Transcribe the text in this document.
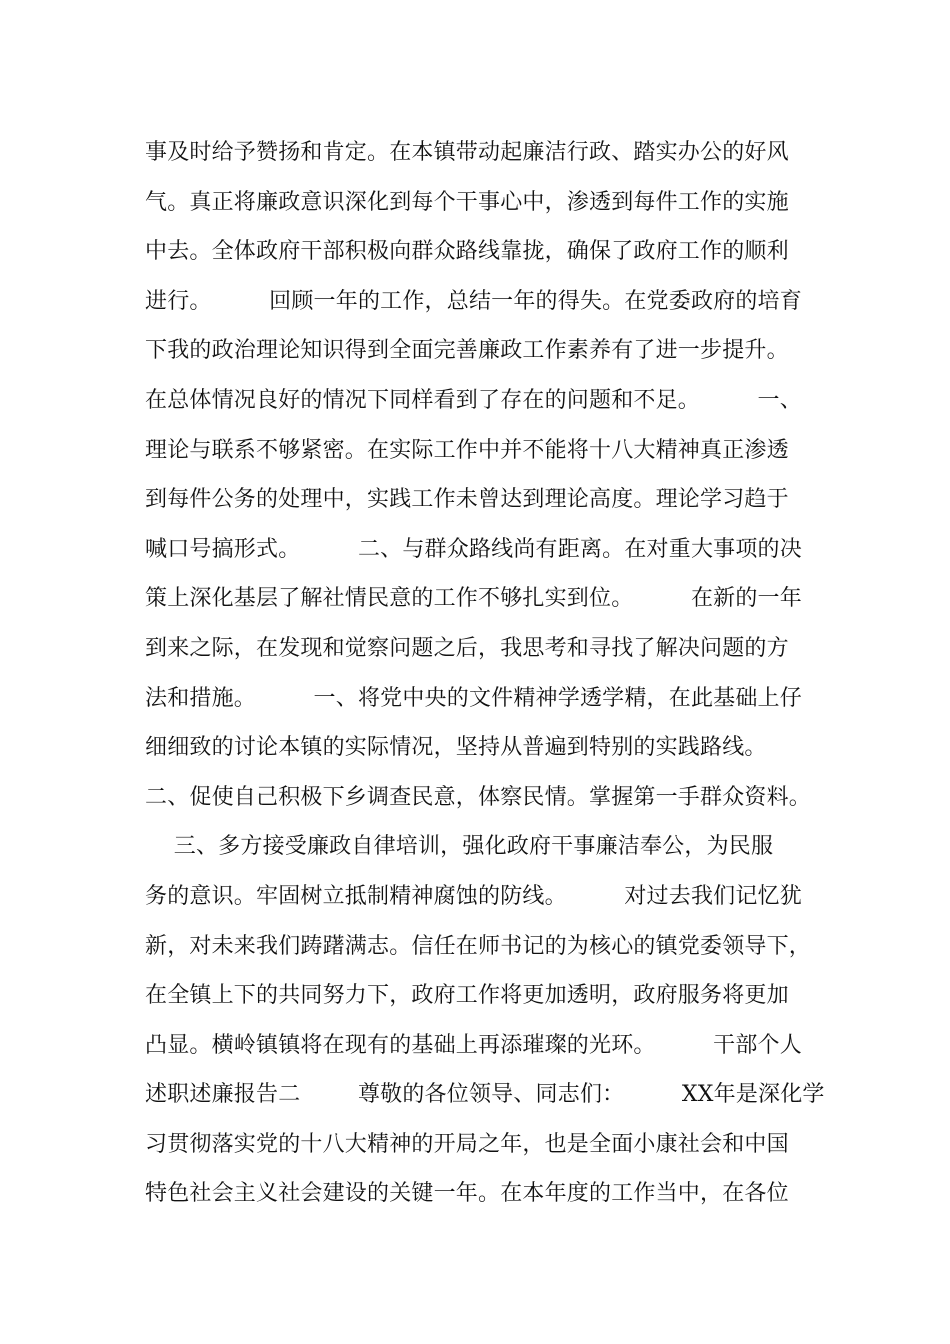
事及时给予赞扬和肯定。在本镇带动起廉洁行政、踏实办公的好风
气。真正将廉政意识深化到每个干事心中，渗透到每件工作的实施
中去。全体政府干部积极向群众路线靠拢，确保了政府工作的顺利
进行。        回顾一年的工作，总结一年的得失。在党委政府的培育
下我的政治理论知识得到全面完善廉政工作素养有了进一步提升。
在总体情况良好的情况下同样看到了存在的问题和不足。        一、
理论与联系不够紧密。在实际工作中并不能将十八大精神真正渗透
到每件公务的处理中，实践工作未曾达到理论高度。理论学习趋于
喊口号搞形式。        二、与群众路线尚有距离。在对重大事项的决
策上深化基层了解社情民意的工作不够扎实到位。        在新的一年
到来之际，在发现和觉察问题之后，我思考和寻找了解决问题的方
法和措施。        一、将党中央的文件精神学透学精，在此基础上仔
细细致的讨论本镇的实际情况，坚持从普遍到特别的实践路线。
二、促使自己积极下乡调查民意，体察民情。掌握第一手群众资料。
三、多方接受廉政自律培训，强化政府干事廉洁奉公，为民服
务的意识。牢固树立抵制精神腐蚀的防线。        对过去我们记忆犹
新，对未来我们踌躇满志。信任在师书记的为核心的镇党委领导下，
在全镇上下的共同努力下，政府工作将更加透明，政府服务将更加
凸显。横岭镇镇将在现有的基础上再添璀璨的光环。        干部个人
述职述廉报告二        尊敬的各位领导、同志们：        XX年是深化学
习贯彻落实党的十八大精神的开局之年，也是全面小康社会和中国
特色社会主义社会建设的关键一年。在本年度的工作当中，在各位
